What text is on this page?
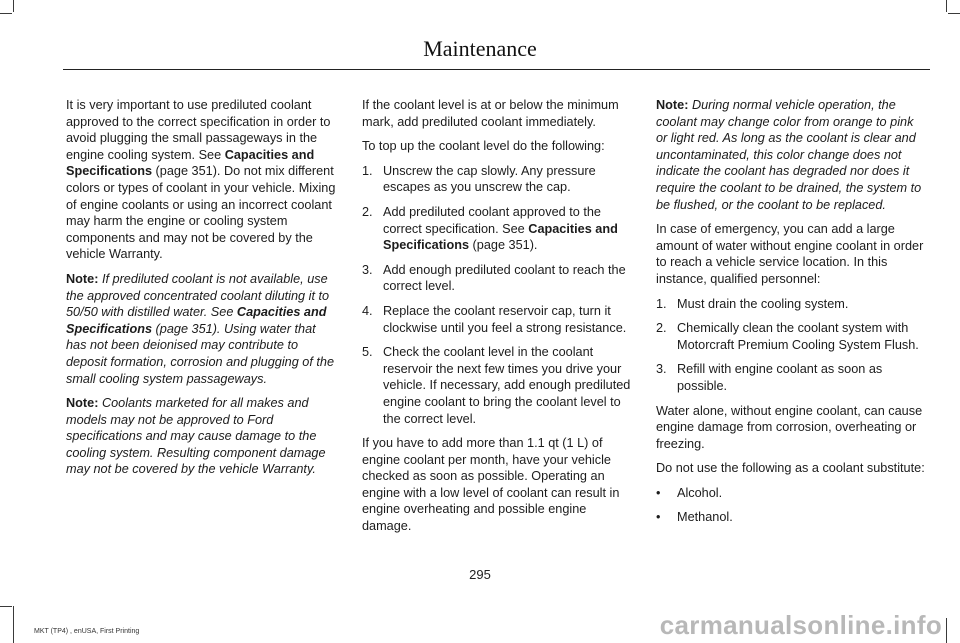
Maintenance

It is very important to use prediluted coolant approved to the correct specification in order to avoid plugging the small passageways in the engine cooling system. See Capacities and Specifications (page 351). Do not mix different colors or types of coolant in your vehicle. Mixing of engine coolants or using an incorrect coolant may harm the engine or cooling system components and may not be covered by the vehicle Warranty.

Note: If prediluted coolant is not available, use the approved concentrated coolant diluting it to 50/50 with distilled water. See Capacities and Specifications (page 351). Using water that has not been deionised may contribute to deposit formation, corrosion and plugging of the small cooling system passageways.

Note: Coolants marketed for all makes and models may not be approved to Ford specifications and may cause damage to the cooling system. Resulting component damage may not be covered by the vehicle Warranty.

If the coolant level is at or below the minimum mark, add prediluted coolant immediately.

To top up the coolant level do the following:

1. Unscrew the cap slowly. Any pressure escapes as you unscrew the cap.
2. Add prediluted coolant approved to the correct specification. See Capacities and Specifications (page 351).
3. Add enough prediluted coolant to reach the correct level.
4. Replace the coolant reservoir cap, turn it clockwise until you feel a strong resistance.
5. Check the coolant level in the coolant reservoir the next few times you drive your vehicle. If necessary, add enough prediluted engine coolant to bring the coolant level to the correct level.

If you have to add more than 1.1 qt (1 L) of engine coolant per month, have your vehicle checked as soon as possible. Operating an engine with a low level of coolant can result in engine overheating and possible engine damage.

Note: During normal vehicle operation, the coolant may change color from orange to pink or light red. As long as the coolant is clear and uncontaminated, this color change does not indicate the coolant has degraded nor does it require the coolant to be drained, the system to be flushed, or the coolant to be replaced.

In case of emergency, you can add a large amount of water without engine coolant in order to reach a vehicle service location. In this instance, qualified personnel:

1. Must drain the cooling system.
2. Chemically clean the coolant system with Motorcraft Premium Cooling System Flush.
3. Refill with engine coolant as soon as possible.

Water alone, without engine coolant, can cause engine damage from corrosion, overheating or freezing.

Do not use the following as a coolant substitute:

• Alcohol.
• Methanol.
295
MKT (TP4) , enUSA, First Printing	carmanualsonline.info
